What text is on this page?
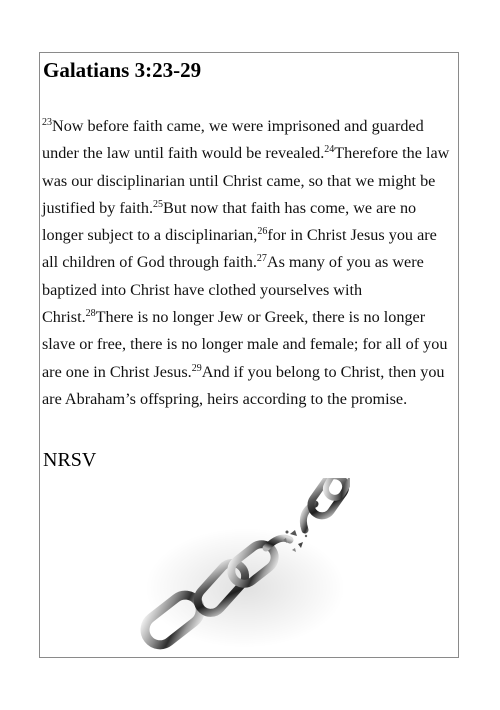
Galatians 3:23-29

$^{23}$Now before faith came, we were imprisoned and guarded under the law until faith would be revealed.$^{24}$Therefore the law was our disciplinarian until Christ came, so that we might be justified by faith.$^{25}$But now that faith has come, we are no longer subject to a disciplinarian,$^{26}$for in Christ Jesus you are all children of God through faith.$^{27}$As many of you as were baptized into Christ have clothed yourselves with Christ.$^{28}$There is no longer Jew or Greek, there is no longer slave or free, there is no longer male and female; for all of you are one in Christ Jesus.$^{29}$And if you belong to Christ, then you are Abraham’s offspring, heirs according to the promise.

NRSV
